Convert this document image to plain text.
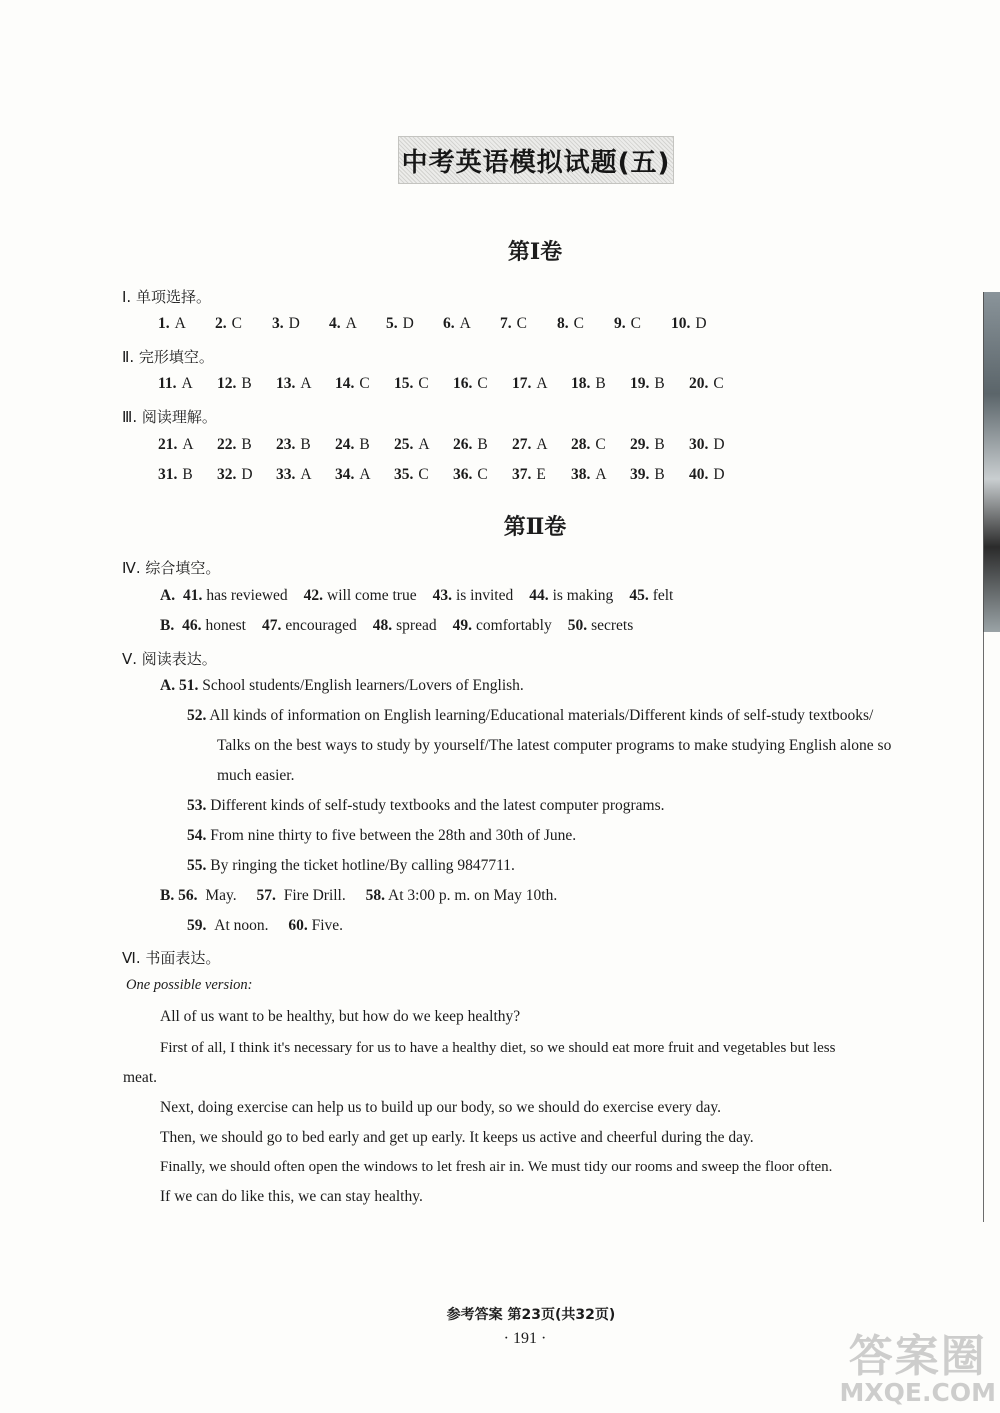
中考英语模拟试题(五)
第Ⅰ卷
Ⅰ. 单项选择。
1. A 2. C 3. D 4. A 5. D 6. A 7. C 8. C 9. C 10. D
Ⅱ. 完形填空。
11. A 12. B 13. A 14. C 15. C 16. C 17. A 18. B 19. B 20. C
Ⅲ. 阅读理解。
21. A 22. B 23. B 24. B 25. A 26. B 27. A 28. C 29. B 30. D
31. B 32. D 33. A 34. A 35. C 36. C 37. E 38. A 39. B 40. D
第Ⅱ卷
Ⅳ. 综合填空。
A. 41. has reviewed 42. will come true 43. is invited 44. is making 45. felt
B. 46. honest 47. encouraged 48. spread 49. comfortably 50. secrets
Ⅴ. 阅读表达。
A. 51. School students/English learners/Lovers of English.
52. All kinds of information on English learning/Educational materials/Different kinds of self-study textbooks/
Talks on the best ways to study by yourself/The latest computer programs to make studying English alone so
much easier.
53. Different kinds of self-study textbooks and the latest computer programs.
54. From nine thirty to five between the 28th and 30th of June.
55. By ringing the ticket hotline/By calling 9847711.
B. 56. May. 57. Fire Drill. 58. At 3:00 p. m. on May 10th.
59. At noon. 60. Five.
Ⅵ. 书面表达。
One possible version:
All of us want to be healthy, but how do we keep healthy?
First of all, I think it's necessary for us to have a healthy diet, so we should eat more fruit and vegetables but less
meat.
Next, doing exercise can help us to build up our body, so we should do exercise every day.
Then, we should go to bed early and get up early. It keeps us active and cheerful during the day.
Finally, we should often open the windows to let fresh air in. We must tidy our rooms and sweep the floor often.
If we can do like this, we can stay healthy.
参考答案 第23页(共32页)
· 191 ·	答案圈
MXQE.COM
